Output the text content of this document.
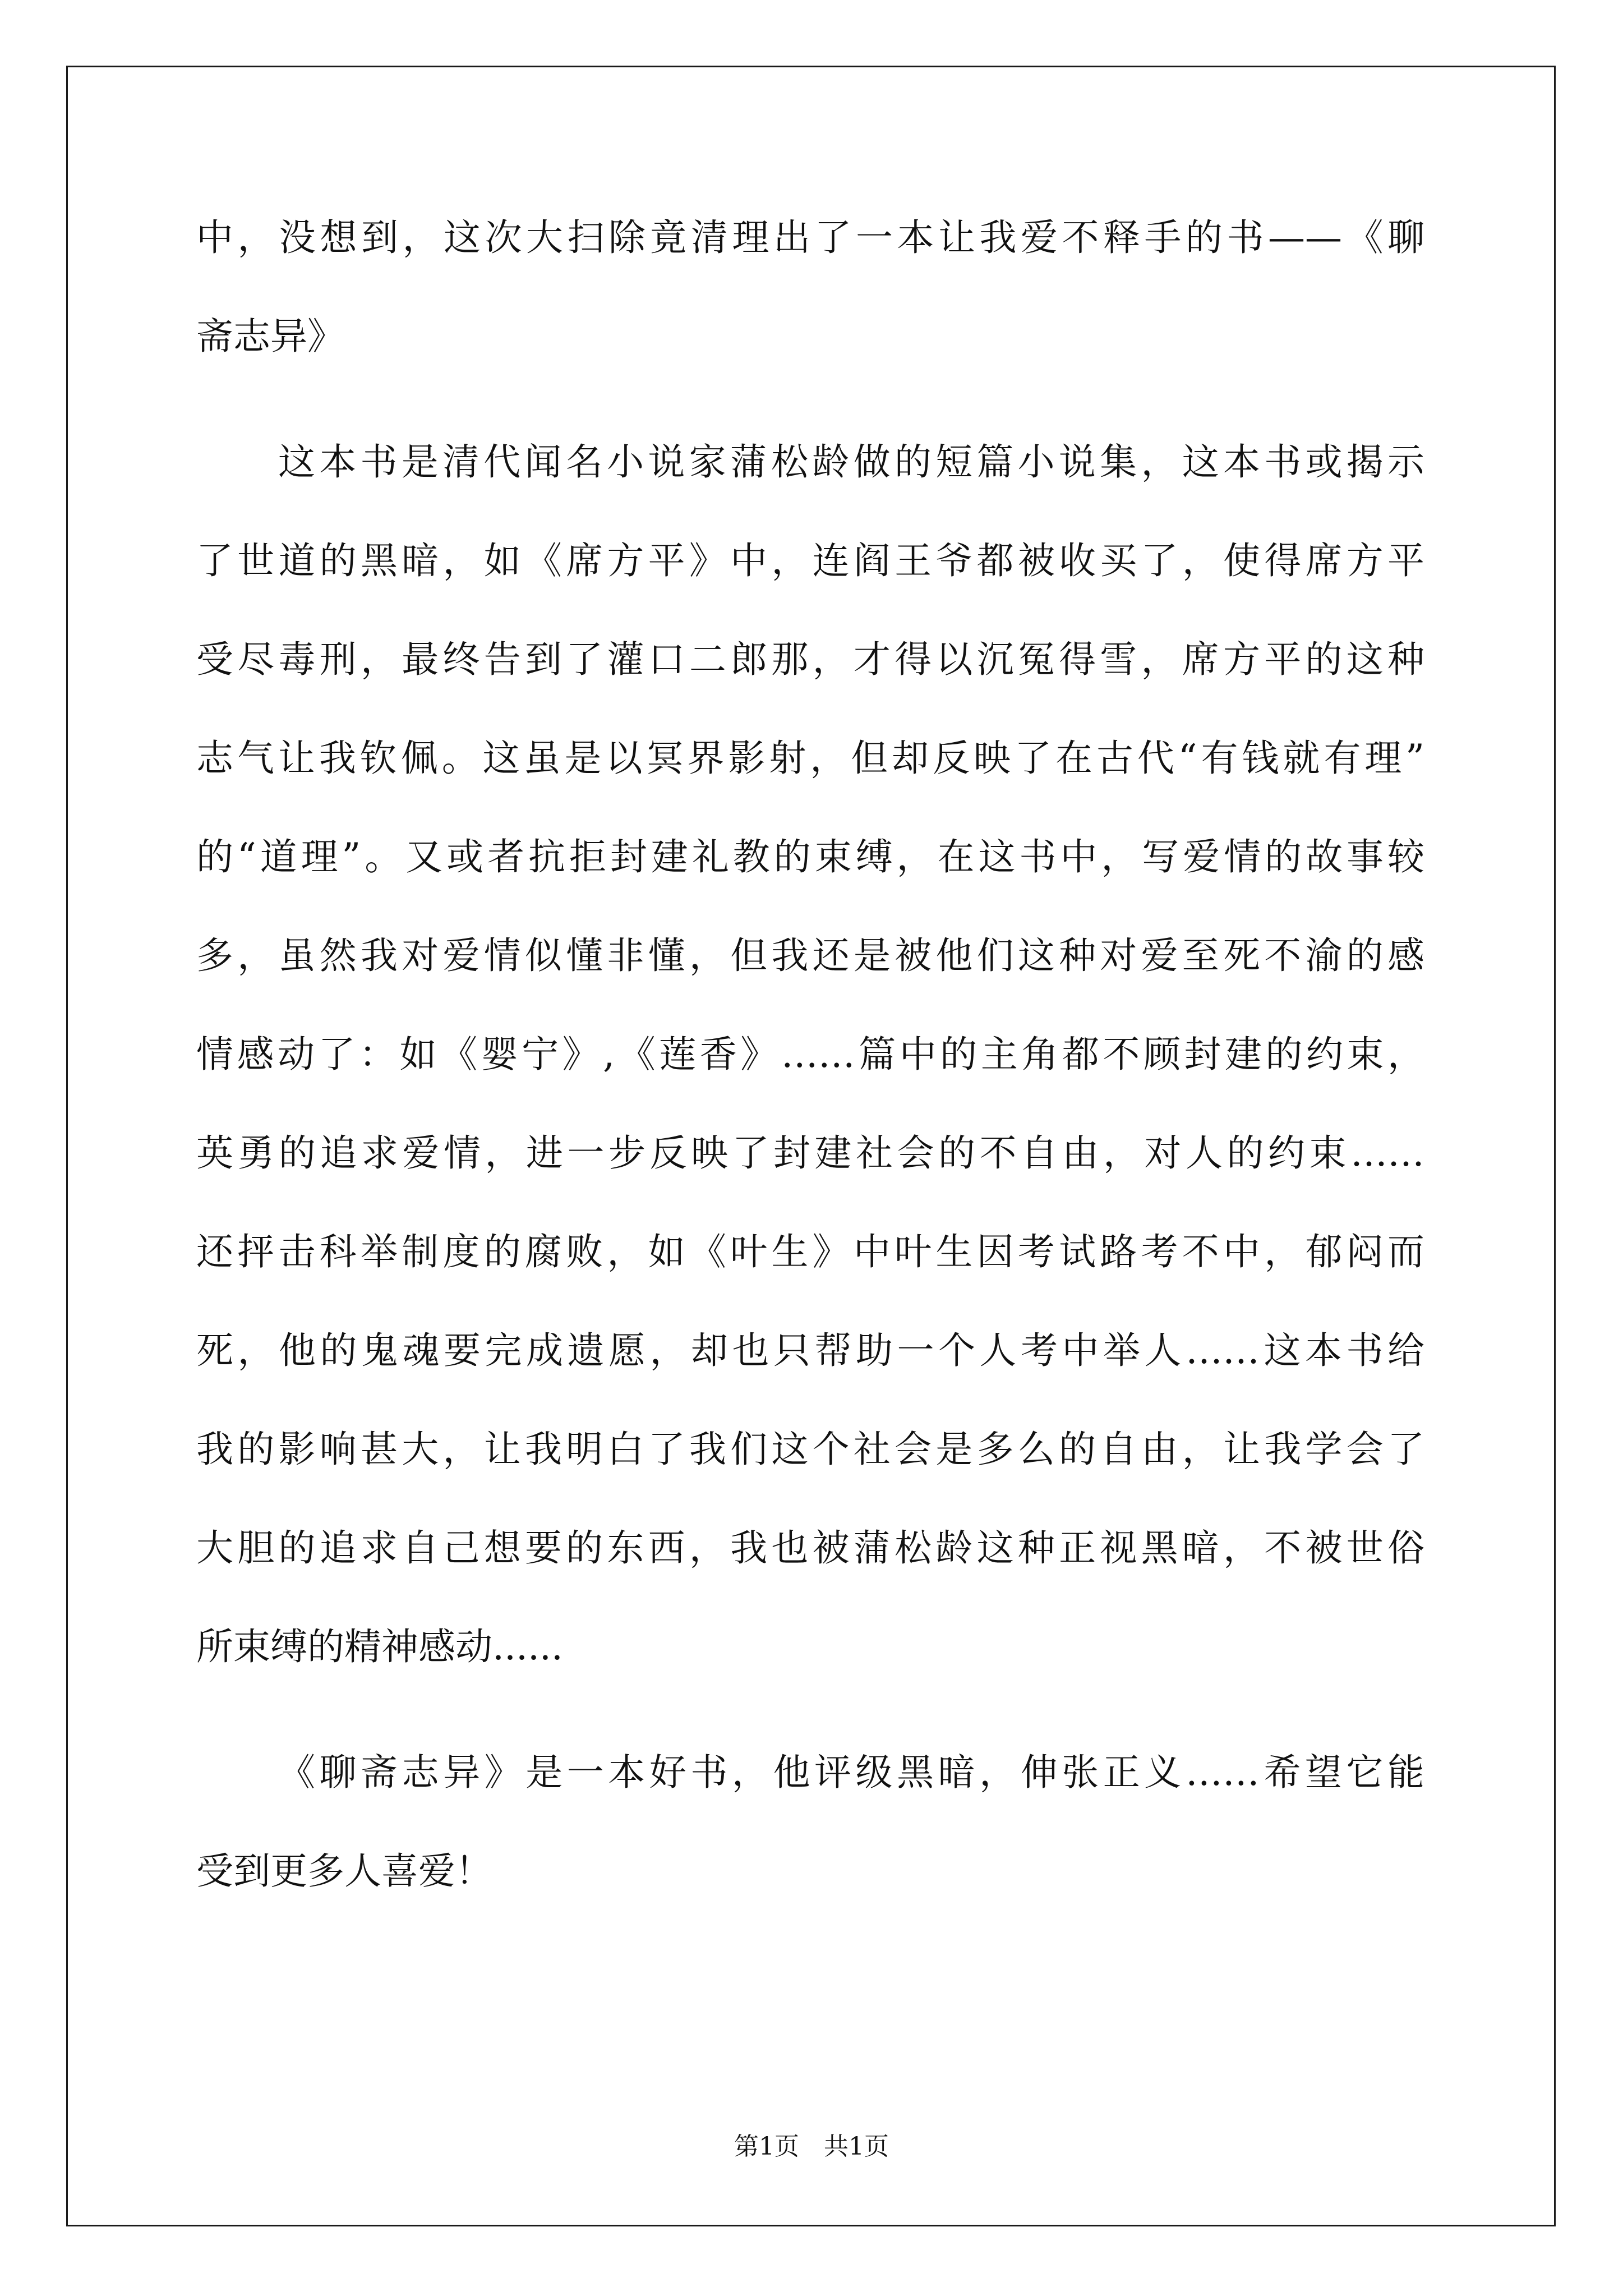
中，没想到，这次大扫除竟清理出了一本让我爱不释手的书——《聊
斋志异》
这本书是清代闻名小说家蒲松龄做的短篇小说集，这本书或揭示
了世道的黑暗，如《席方平》中，连阎王爷都被收买了，使得席方平
受尽毒刑，最终告到了灌口二郎那，才得以沉冤得雪，席方平的这种
志气让我钦佩。这虽是以冥界影射，但却反映了在古代“有钱就有理”
的“道理”。又或者抗拒封建礼教的束缚，在这书中，写爱情的故事较
多，虽然我对爱情似懂非懂，但我还是被他们这种对爱至死不渝的感
情感动了：如《婴宁》,《莲香》……篇中的主角都不顾封建的约束，
英勇的追求爱情，进一步反映了封建社会的不自由，对人的约束……
还抨击科举制度的腐败，如《叶生》中叶生因考试路考不中，郁闷而
死，他的鬼魂要完成遗愿，却也只帮助一个人考中举人……这本书给
我的影响甚大，让我明白了我们这个社会是多么的自由，让我学会了
大胆的追求自己想要的东西，我也被蒲松龄这种正视黑暗，不被世俗
所束缚的精神感动......
《聊斋志异》是一本好书，他评级黑暗，伸张正义……希望它能
受到更多人喜爱！
第1页　共1页
